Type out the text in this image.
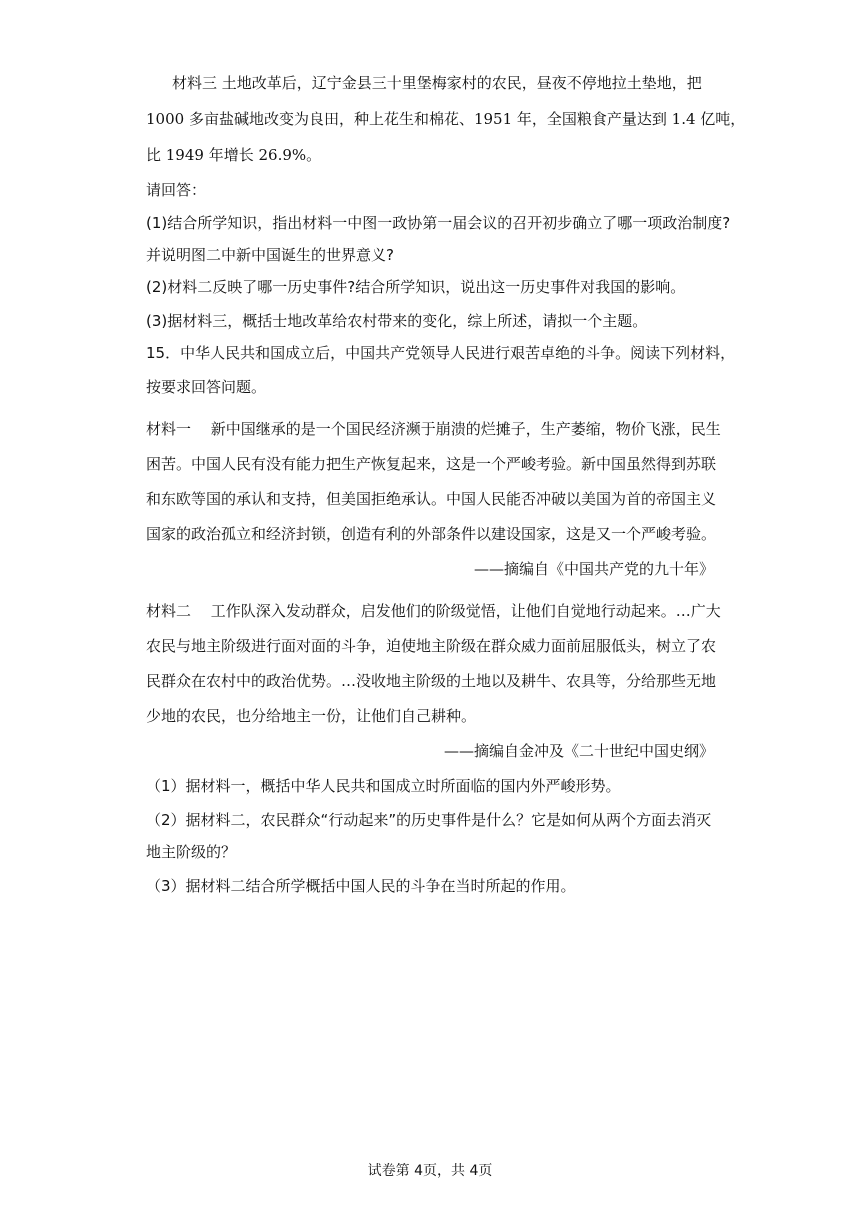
材料三 土地改革后，辽宁金县三十里堡梅家村的农民，昼夜不停地拉土垫地，把
1000 多亩盐碱地改变为良田，种上花生和棉花、1951 年，全国粮食产量达到 1.4 亿吨，
比 1949 年增长 26.9%。
请回答：
(1)结合所学知识，指出材料一中图一政协第一届会议的召开初步确立了哪一项政治制度?
并说明图二中新中国诞生的世界意义?
(2)材料二反映了哪一历史事件?结合所学知识，说出这一历史事件对我国的影响。
(3)据材料三，概括士地改革给农村带来的变化，综上所述，请拟一个主题。
15．中华人民共和国成立后，中国共产党领导人民进行艰苦卓绝的斗争。阅读下列材料，
按要求回答问题。
材料一　 新中国继承的是一个国民经济濒于崩溃的烂摊子，生产萎缩，物价飞涨，民生
困苦。中国人民有没有能力把生产恢复起来，这是一个严峻考验。新中国虽然得到苏联
和东欧等国的承认和支持，但美国拒绝承认。中国人民能否冲破以美国为首的帝国主义
国家的政治孤立和经济封锁，创造有利的外部条件以建设国家，这是又一个严峻考验。
——摘编自《中国共产党的九十年》
材料二　 工作队深入发动群众，启发他们的阶级觉悟，让他们自觉地行动起来。…广大
农民与地主阶级进行面对面的斗争，迫使地主阶级在群众威力面前屈服低头，树立了农
民群众在农村中的政治优势。…没收地主阶级的土地以及耕牛、农具等，分给那些无地
少地的农民，也分给地主一份，让他们自己耕种。
——摘编自金冲及《二十世纪中国史纲》
（1）据材料一，概括中华人民共和国成立时所面临的国内外严峻形势。
（2）据材料二，农民群众“行动起来”的历史事件是什么？它是如何从两个方面去消灭
地主阶级的？
（3）据材料二结合所学概括中国人民的斗争在当时所起的作用。
试卷第 4页，共 4页
